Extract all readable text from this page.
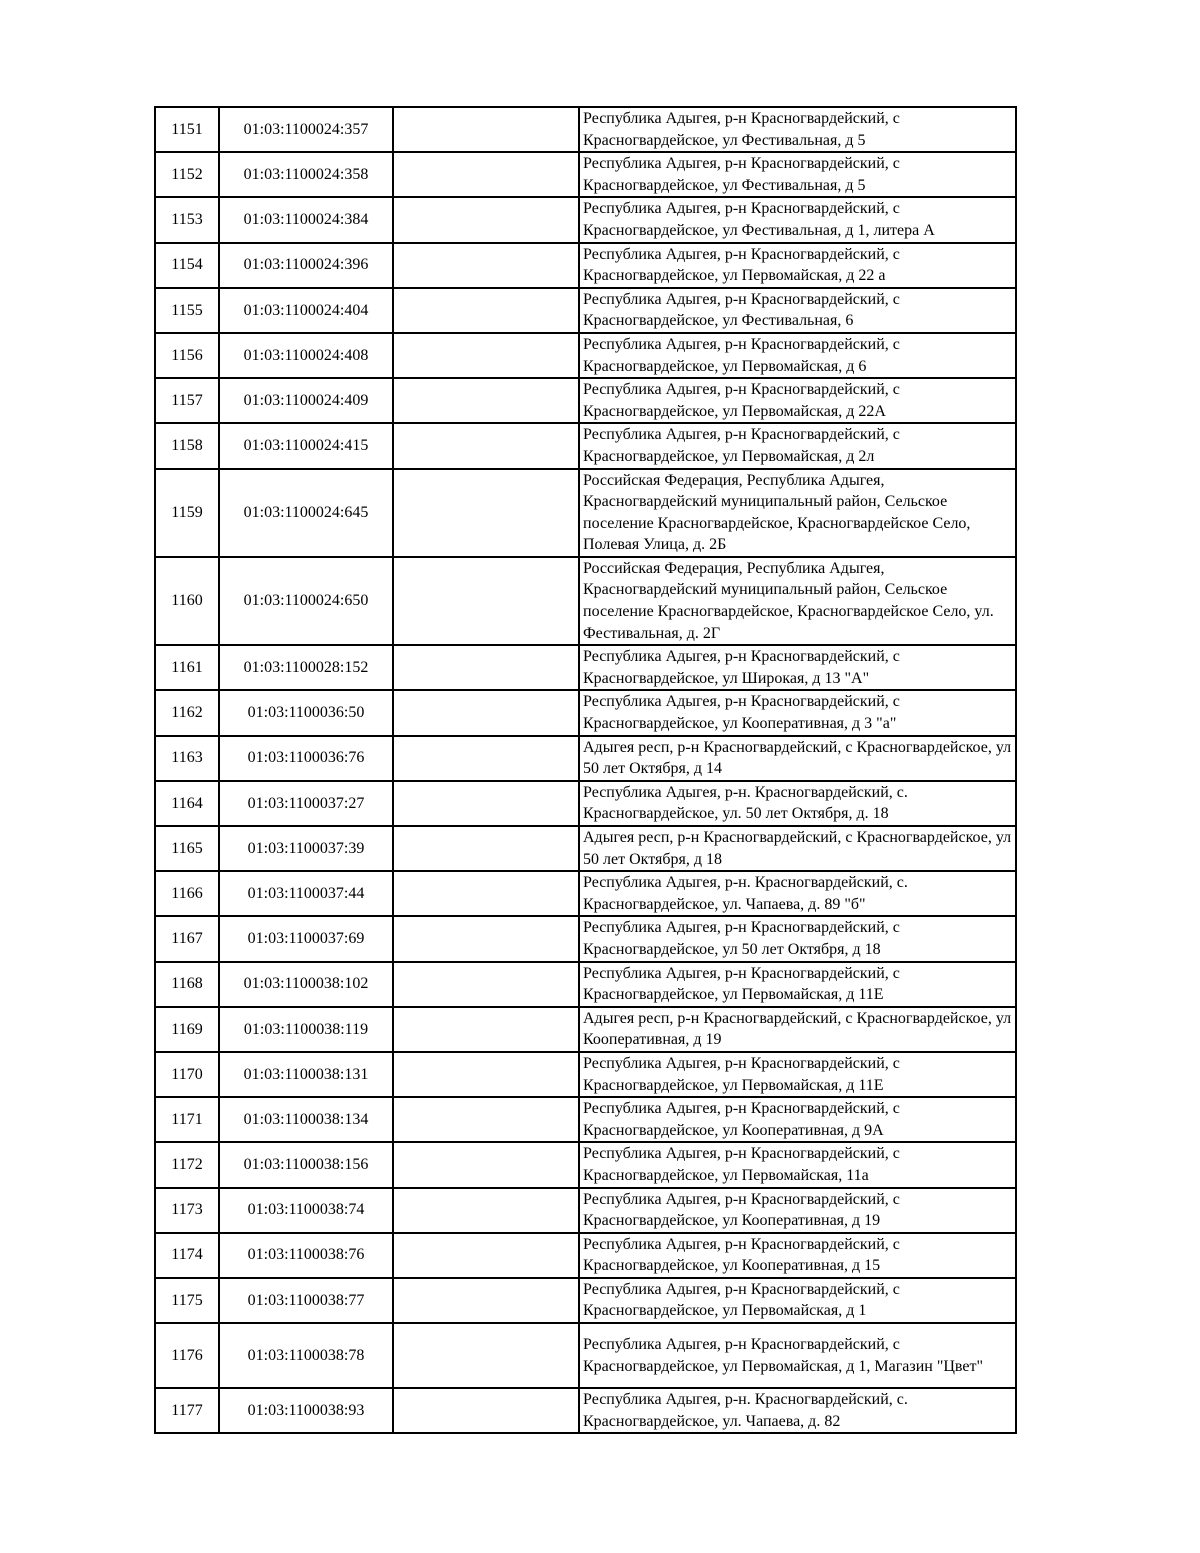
1151	01:03:1100024:357		Республика Адыгея, р-н Красногвардейский, с Красногвардейское, ул Фестивальная, д 5
1152	01:03:1100024:358		Республика Адыгея, р-н Красногвардейский, с Красногвардейское, ул Фестивальная, д 5
1153	01:03:1100024:384		Республика Адыгея, р-н Красногвардейский, с Красногвардейское, ул Фестивальная, д 1, литера А
1154	01:03:1100024:396		Республика Адыгея, р-н Красногвардейский, с Красногвардейское, ул Первомайская, д 22 а
1155	01:03:1100024:404		Республика Адыгея, р-н Красногвардейский, с Красногвардейское, ул Фестивальная, 6
1156	01:03:1100024:408		Республика Адыгея, р-н Красногвардейский, с Красногвардейское, ул Первомайская, д 6
1157	01:03:1100024:409		Республика Адыгея, р-н Красногвардейский, с Красногвардейское, ул Первомайская, д 22А
1158	01:03:1100024:415		Республика Адыгея, р-н Красногвардейский, с Красногвардейское, ул Первомайская, д 2л
1159	01:03:1100024:645		Российская Федерация, Республика Адыгея, Красногвардейский муниципальный район, Сельское поселение Красногвардейское, Красногвардейское Село, Полевая Улица, д. 2Б
1160	01:03:1100024:650		Российская Федерация, Республика Адыгея, Красногвардейский муниципальный район, Сельское поселение Красногвардейское, Красногвардейское Село, ул. Фестивальная, д. 2Г
1161	01:03:1100028:152		Республика Адыгея, р-н Красногвардейский, с Красногвардейское, ул Широкая, д 13 "А"
1162	01:03:1100036:50		Республика Адыгея, р-н Красногвардейский, с Красногвардейское, ул Кооперативная, д 3 "а"
1163	01:03:1100036:76		Адыгея респ, р-н Красногвардейский, с Красногвардейское, ул 50 лет Октября, д 14
1164	01:03:1100037:27		Республика Адыгея, р-н. Красногвардейский, с. Красногвардейское, ул. 50 лет Октября, д. 18
1165	01:03:1100037:39		Адыгея респ, р-н Красногвардейский, с Красногвардейское, ул 50 лет Октября, д 18
1166	01:03:1100037:44		Республика Адыгея, р-н. Красногвардейский, с. Красногвардейское, ул. Чапаева, д. 89 "б"
1167	01:03:1100037:69		Республика Адыгея, р-н Красногвардейский, с Красногвардейское, ул 50 лет Октября, д 18
1168	01:03:1100038:102		Республика Адыгея, р-н Красногвардейский, с Красногвардейское, ул Первомайская, д 11Е
1169	01:03:1100038:119		Адыгея респ, р-н Красногвардейский, с Красногвардейское, ул Кооперативная, д 19
1170	01:03:1100038:131		Республика Адыгея, р-н Красногвардейский, с Красногвардейское, ул Первомайская, д 11Е
1171	01:03:1100038:134		Республика Адыгея, р-н Красногвардейский, с Красногвардейское, ул Кооперативная, д 9А
1172	01:03:1100038:156		Республика Адыгея, р-н Красногвардейский, с Красногвардейское, ул Первомайская, 11а
1173	01:03:1100038:74		Республика Адыгея, р-н Красногвардейский, с Красногвардейское, ул Кооперативная, д 19
1174	01:03:1100038:76		Республика Адыгея, р-н Красногвардейский, с Красногвардейское, ул Кооперативная, д 15
1175	01:03:1100038:77		Республика Адыгея, р-н Красногвардейский, с Красногвардейское, ул Первомайская, д 1
1176	01:03:1100038:78		Республика Адыгея, р-н Красногвардейский, с Красногвардейское, ул Первомайская, д 1, Магазин "Цвет"
1177	01:03:1100038:93		Республика Адыгея, р-н. Красногвардейский, с. Красногвардейское, ул. Чапаева, д. 82
